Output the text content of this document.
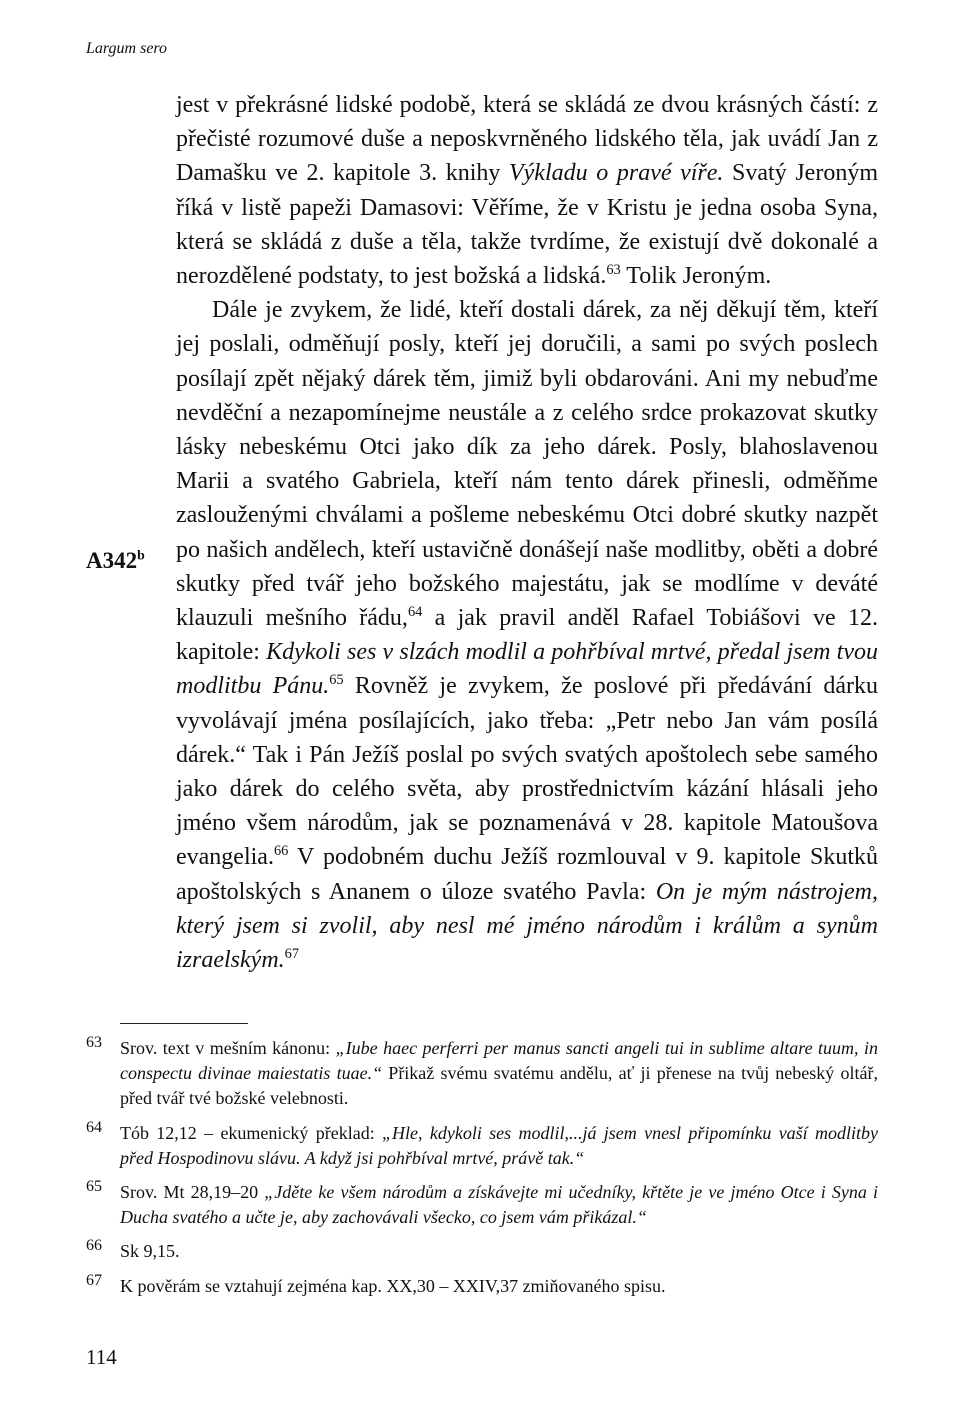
Largum sero
A342$^b$

jest v překrásné lidské podobě, která se skládá ze dvou krásných částí: z přečisté rozumové duše a neposkvrněného lidského těla, jak uvádí Jan z Damašku ve 2. kapitole 3. knihy Výkladu o pravé víře. Svatý Jeroným říká v listě papeži Damasovi: Věříme, že v Kristu je jedna osoba Syna, která se skládá z duše a těla, takže tvrdíme, že existují dvě dokonalé a nerozdělené podstaty, to jest božská a lidská.$^{63}$ Tolik Jeroným.

Dále je zvykem, že lidé, kteří dostali dárek, za něj děkují těm, kteří jej poslali, odměňují posly, kteří jej doručili, a sami po svých poslech posílají zpět nějaký dárek těm, jimiž byli obdarováni. Ani my nebuďme nevděční a nezapomínejme neustále a z celého srdce prokazovat skutky lásky nebeskému Otci jako dík za jeho dárek. Posly, blahoslavenou Marii a svatého Gabriela, kteří nám tento dárek přinesli, odměňme zaslouženými chválami a pošleme nebeskému Otci dobré skutky nazpět po našich andělech, kteří ustavičně donášejí naše modlitby, oběti a dobré skutky před tvář jeho božského majestátu, jak se modlíme v deváté klauzuli mešního řádu,$^{64}$ a jak pravil anděl Rafael Tobiášovi ve 12. kapitole: Kdykoli ses v slzách modlil a pohřbíval mrtvé, předal jsem tvou modlitbu Pánu.$^{65}$ Rovněž je zvykem, že poslové při předávání dárku vyvolávají jména posílajících, jako třeba: „Petr nebo Jan vám posílá dárek.“ Tak i Pán Ježíš poslal po svých svatých apoštolech sebe samého jako dárek do celého světa, aby prostřednictvím kázání hlásali jeho jméno všem národům, jak se poznamenává v 28. kapitole Matoušova evangelia.$^{66}$ V podobném duchu Ježíš rozmlouval v 9. kapitole Skutků apoštolských s Ananem o úloze svatého Pavla: On je mým nástrojem, který jsem si zvolil, aby nesl mé jméno národům i králům a synům izraelským.$^{67}$

63 Srov. text v mešním kánonu: „Iube haec perferri per manus sancti angeli tui in sublime altare tuum, in conspectu divinae maiestatis tuae.“ Přikaž svému svatému andělu, ať ji přenese na tvůj nebeský oltář, před tvář tvé božské velebnosti.
64 Tób 12,12 – ekumenický překlad: „Hle, kdykoli ses modlil,...já jsem vnesl připomínku vaší modlitby před Hospodinovu slávu. A když jsi pohřbíval mrtvé, právě tak.“
65 Srov. Mt 28,19–20 „Jděte ke všem národům a získávejte mi učedníky, křtěte je ve jméno Otce i Syna i Ducha svatého a učte je, aby zachovávali všecko, co jsem vám přikázal.“
66 Sk 9,15.
67 K pověrám se vztahují zejména kap. XX,30 – XXIV,37 zmiňovaného spisu.
114
